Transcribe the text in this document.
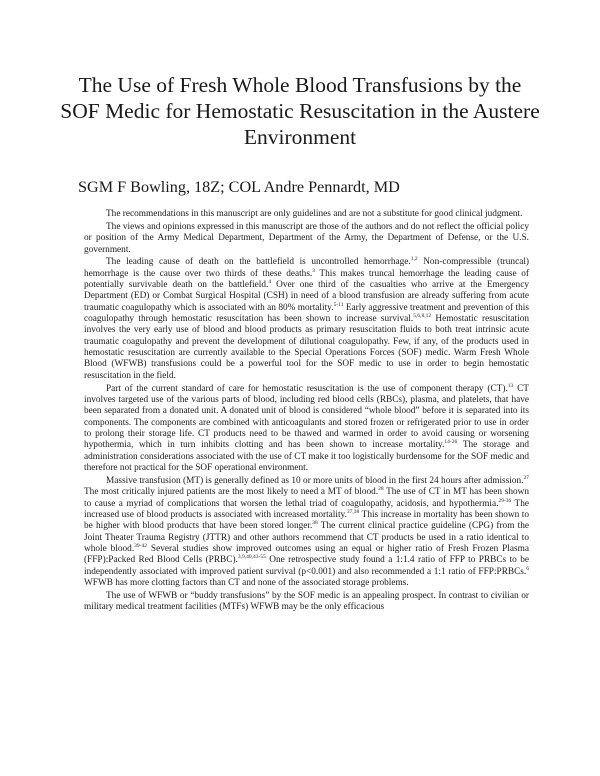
The Use of Fresh Whole Blood Transfusions by the SOF Medic for Hemostatic Resuscitation in the Austere Environment
SGM F Bowling, 18Z; COL Andre Pennardt, MD

The recommendations in this manuscript are only guidelines and are not a substitute for good clinical judgment.

The views and opinions expressed in this manuscript are those of the authors and do not reflect the official policy or position of the Army Medical Department, Department of the Army, the Department of Defense, or the U.S. government.

The leading cause of death on the battlefield is uncontrolled hemorrhage.$^{1,2}$ Non-compressible (truncal) hemorrhage is the cause over two thirds of these deaths.$^3$ This makes truncal hemorrhage the leading cause of potentially survivable death on the battlefield.$^4$ Over one third of the casualties who arrive at the Emergency Department (ED) or Combat Surgical Hospital (CSH) in need of a blood transfusion are already suffering from acute traumatic coagulopathy which is associated with an 80% mortality.$^{5-11}$ Early aggressive treatment and prevention of this coagulopathy through hemostatic resuscitation has been shown to increase survival.$^{5,6,8,12}$ Hemostatic resuscitation involves the very early use of blood and blood products as primary resuscitation fluids to both treat intrinsic acute traumatic coagulopathy and prevent the development of dilutional coagulopathy. Few, if any, of the products used in hemostatic resuscitation are currently available to the Special Operations Forces (SOF) medic. Warm Fresh Whole Blood (WFWB) transfusions could be a powerful tool for the SOF medic to use in order to begin hemostatic resuscitation in the field.

Part of the current standard of care for hemostatic resuscitation is the use of component therapy (CT).$^{13}$ CT involves targeted use of the various parts of blood, including red blood cells (RBCs), plasma, and platelets, that have been separated from a donated unit. A donated unit of blood is considered “whole blood” before it is separated into its components. The components are combined with anticoagulants and stored frozen or refrigerated prior to use in order to prolong their storage life. CT products need to be thawed and warmed in order to avoid causing or worsening hypothermia, which in turn inhibits clotting and has been shown to increase mortality.$^{14-26}$ The storage and administration considerations associated with the use of CT make it too logistically burdensome for the SOF medic and therefore not practical for the SOF operational environment.

Massive transfusion (MT) is generally defined as 10 or more units of blood in the first 24 hours after admission.$^{27}$ The most critically injured patients are the most likely to need a MT of blood.$^{28}$ The use of CT in MT has been shown to cause a myriad of complications that worsen the lethal triad of coagulopathy, acidosis, and hypothermia.$^{29-36}$ The increased use of blood products is associated with increased mortality.$^{37,38}$ This increase in mortality has been shown to be higher with blood products that have been stored longer.$^{38}$ The current clinical practice guideline (CPG) from the Joint Theater Trauma Registry (JTTR) and other authors recommend that CT products be used in a ratio identical to whole blood.$^{39-42}$ Several studies show improved outcomes using an equal or higher ratio of Fresh Frozen Plasma (FFP):Packed Red Blood Cells (PRBC).$^{3,9,40,43-55}$ One retrospective study found a 1:1.4 ratio of FFP to PRBCs to be independently associated with improved patient survival (p<0.001) and also recommended a 1:1 ratio of FFP:PRBCs.$^6$ WFWB has more clotting factors than CT and none of the associated storage problems.

The use of WFWB or “buddy transfusions” by the SOF medic is an appealing prospect. In contrast to civilian or military medical treatment facilities (MTFs) WFWB may be the only efficacious
